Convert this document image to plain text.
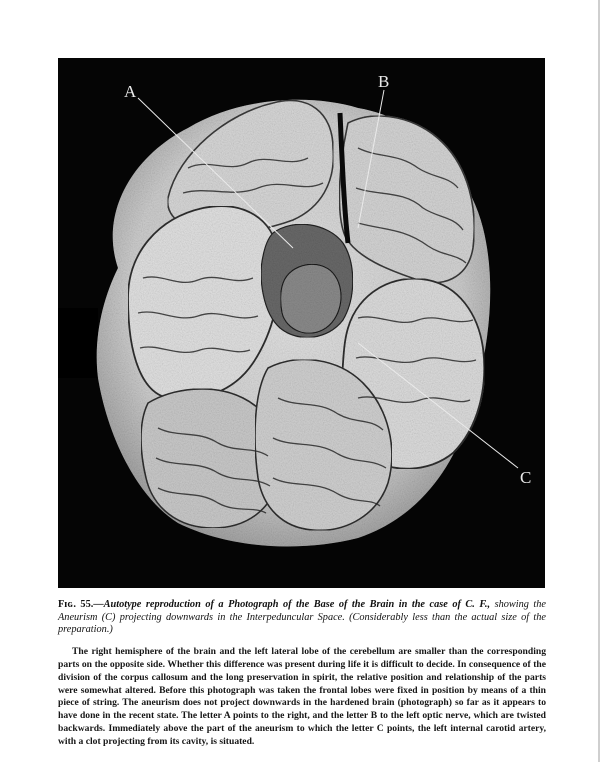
A
B
C

Fɪɢ. 55.—Autotype reproduction of a Photograph of the Base of the Brain in the case of C. F., showing the Aneurism (C) projecting downwards in the Interpeduncular Space. (Considerably less than the actual size of the preparation.)

The right hemisphere of the brain and the left lateral lobe of the cerebellum are smaller than the corresponding parts on the opposite side. Whether this difference was present during life it is difficult to decide. In consequence of the division of the corpus callosum and the long preservation in spirit, the relative position and relationship of the parts were somewhat altered. Before this photograph was taken the frontal lobes were fixed in position by means of a thin piece of string. The aneurism does not project downwards in the hardened brain (photograph) so far as it appears to have done in the recent state. The letter A points to the right, and the letter B to the left optic nerve, which are twisted backwards. Immediately above the part of the aneurism to which the letter C points, the left internal carotid artery, with a clot projecting from its cavity, is situated.
